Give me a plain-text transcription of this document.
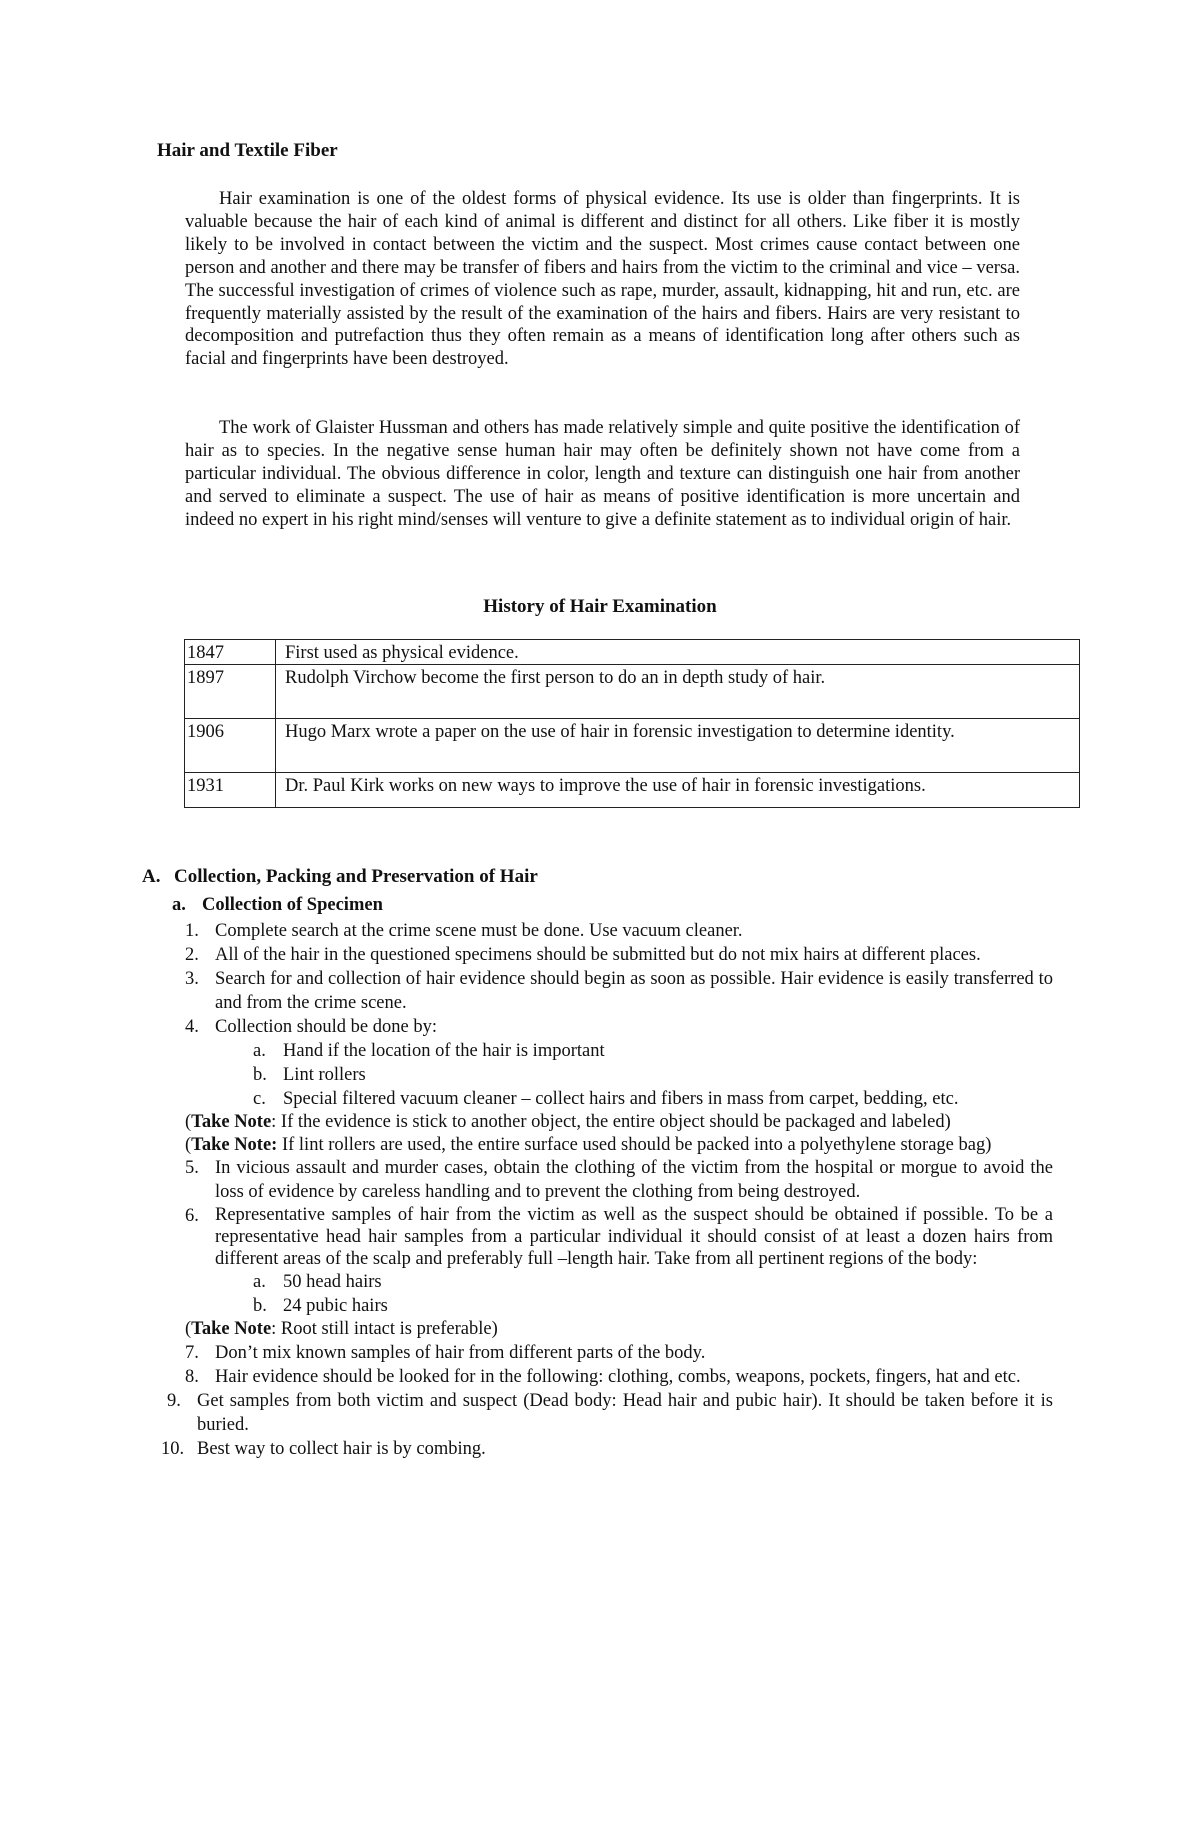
Hair and Textile Fiber

Hair examination is one of the oldest forms of physical evidence. Its use is older than fingerprints. It is valuable because the hair of each kind of animal is different and distinct for all others. Like fiber it is mostly likely to be involved in contact between the victim and the suspect. Most crimes cause contact between one person and another and there may be transfer of fibers and hairs from the victim to the criminal and vice – versa. The successful investigation of crimes of violence such as rape, murder, assault, kidnapping, hit and run, etc. are frequently materially assisted by the result of the examination of the hairs and fibers. Hairs are very resistant to decomposition and putrefaction thus they often remain as a means of identification long after others such as facial and fingerprints have been destroyed.

The work of Glaister Hussman and others has made relatively simple and quite positive the identification of hair as to species. In the negative sense human hair may often be definitely shown not have come from a particular individual. The obvious difference in color, length and texture can distinguish one hair from another and served to eliminate a suspect. The use of hair as means of positive identification is more uncertain and indeed no expert in his right mind/senses will venture to give a definite statement as to individual origin of hair.

History of Hair Examination
1847	First used as physical evidence.
1897	Rudolph Virchow become the first person to do an in depth study of hair.
1906	Hugo Marx wrote a paper on the use of hair in forensic investigation to determine identity.
1931	Dr. Paul Kirk works on new ways to improve the use of hair in forensic investigations.
A. Collection, Packing and Preservation of Hair
a. Collection of Specimen
1. Complete search at the crime scene must be done. Use vacuum cleaner.
2. All of the hair in the questioned specimens should be submitted but do not mix hairs at different places.
3. Search for and collection of hair evidence should begin as soon as possible. Hair evidence is easily transferred to and from the crime scene.
4. Collection should be done by:
a. Hand if the location of the hair is important
b. Lint rollers
c. Special filtered vacuum cleaner – collect hairs and fibers in mass from carpet, bedding, etc.
(Take Note: If the evidence is stick to another object, the entire object should be packaged and labeled)
(Take Note: If lint rollers are used, the entire surface used should be packed into a polyethylene storage bag)
5. In vicious assault and murder cases, obtain the clothing of the victim from the hospital or morgue to avoid the loss of evidence by careless handling and to prevent the clothing from being destroyed.
6. Representative samples of hair from the victim as well as the suspect should be obtained if possible. To be a representative head hair samples from a particular individual it should consist of at least a dozen hairs from different areas of the scalp and preferably full –length hair. Take from all pertinent regions of the body:
a. 50 head hairs
b. 24 pubic hairs
(Take Note: Root still intact is preferable)
7. Don’t mix known samples of hair from different parts of the body.
8. Hair evidence should be looked for in the following: clothing, combs, weapons, pockets, fingers, hat and etc.
9. Get samples from both victim and suspect (Dead body: Head hair and pubic hair). It should be taken before it is buried.
10. Best way to collect hair is by combing.
